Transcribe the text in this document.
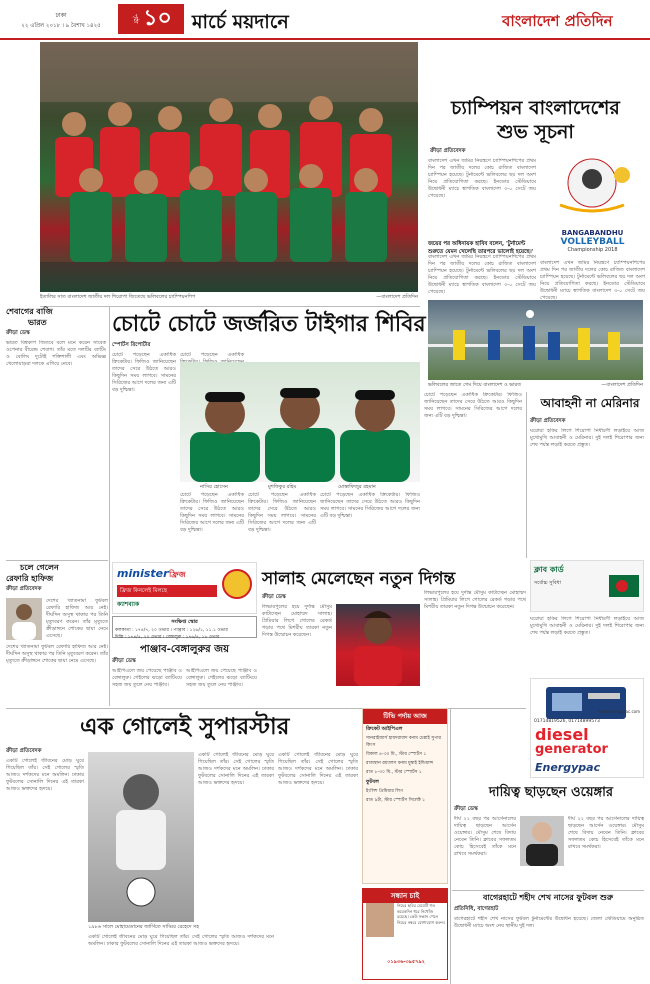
ঢাকা
২২ এপ্রিল ২০১৮ । ৯ বৈশাখ ১৪২৫
পৃষ্ঠা ১০ মার্চে ময়দানে	বাংলাদেশ প্রতিদিন
ইতালির সাত বাংলাদেশ জাতীয় দল শিরোপা জিতেছে ভলিবলের চ্যাম্পিয়নশিপ	—বাংলাদেশ প্রতিদিন
চ্যাম্পিয়ন বাংলাদেশের
শুভ সূচনা
ক্রীড়া প্রতিবেদক
বাংলাদেশ এখন জমির নিয়ন্ত্রণে চ্যাম্পিয়নশিপের প্রথম দিন পর জাতীয় দলের কোচ রাজিত বাংলাদেশ চ্যাম্পিয়ন হয়েছে। টুর্নামেন্টে ভলিবলের ছয় দল অংশ নিয়ে প্রতিযোগিতা করছে। ইনডোর স্টেডিয়ামে উদ্বোধনী ম্যাচে স্বাগতিক বাংলাদেশ ৩-০ সেটে জয় পেয়েছে।
বাংলাদেশ এখন জমির নিয়ন্ত্রণে চ্যাম্পিয়নশিপের প্রথম দিন পর জাতীয় দলের কোচ রাজিত বাংলাদেশ চ্যাম্পিয়ন হয়েছে। টুর্নামেন্টে ভলিবলের ছয় দল অংশ নিয়ে প্রতিযোগিতা করছে। ইনডোর স্টেডিয়ামে উদ্বোধনী ম্যাচে স্বাগতিক বাংলাদেশ ৩-০ সেটে জয় পেয়েছে।
জয়ের পর অধিনায়ক হাবিব বলেন, 'টুর্নামেন্ট শুরুতে যেমন খেলেছি তারপরে ভালোই হয়েছে।'
BANGABANDHU
VOLLEYBALL
Championship 2018
বাংলাদেশ এখন জমির নিয়ন্ত্রণে চ্যাম্পিয়নশিপের প্রথম দিন পর জাতীয় দলের কোচ রাজিত বাংলাদেশ চ্যাম্পিয়ন হয়েছে। টুর্নামেন্টে ভলিবলের ছয় দল অংশ নিয়ে প্রতিযোগিতা করছে। ইনডোর স্টেডিয়ামে উদ্বোধনী ম্যাচে স্বাগতিক বাংলাদেশ ৩-০ সেটে জয় পেয়েছে।
ভলিবলের জাতে গেম দিয়ে বাংলাদেশ ও ভারত	—বাংলাদেশ প্রতিদিন
শেবাগের বাজি
ভারত
ক্রীড়া ডেস্ক
ভারত বিশ্বকাপ জিতবে বলে মনে করেন সাবেক ওপেনার বীরেন্দ্র শেবাগ। তাঁর মতে দলটির ব্যাটিং ও বোলিং দুটোই শক্তিশালী এবং অভিজ্ঞ খেলোয়াড়রা দলকে এগিয়ে নেবে।
চলে গেলেন
রেফারি হাফিজ
ক্রীড়া প্রতিবেদক
দেশের খ্যাতনামা ফুটবল রেফারি হাফিজ আর নেই। দীর্ঘদিন অসুস্থ থাকার পর তিনি মৃত্যুবরণ করেন। তাঁর মৃত্যুতে ক্রীড়াঙ্গনে শোকের ছায়া নেমে এসেছে।
দেশের খ্যাতনামা ফুটবল রেফারি হাফিজ আর নেই। দীর্ঘদিন অসুস্থ থাকার পর তিনি মৃত্যুবরণ করেন। তাঁর মৃত্যুতে ক্রীড়াঙ্গনে শোকের ছায়া নেমে এসেছে।
চোটে চোটে জর্জরিত টাইগার শিবির
স্পোর্টস রিপোর্টার
চোটে পড়েছেন একাধিক ক্রিকেটার। ফিজিও জানিয়েছেন তাদের সেরে উঠতে আরও কিছুদিন সময় লাগবে। সামনের সিরিজের আগে দলের জন্য এটি বড় দুশ্চিন্তা।
চোটে পড়েছেন একাধিক
নাসির হোসেন	মুশফিকুর রহিম	মোস্তাফিজুর রহমান
চোটে পড়েছেন একাধিক ক্রিকেটার। ফিজিও জানিয়েছেন তাদের সেরে উঠতে আরও কিছুদিন সময় লাগবে। সামনের সিরিজের আগে দলের জন্য এটি বড় দুশ্চিন্তা।
চোটে পড়েছেন একাধিক ক্রিকেটার। ফিজিও জানিয়েছেন তাদের সেরে উঠতে আরও কিছুদিন সময় লাগবে। সামনের সিরিজের আগে দলের জন্য এটি বড় দুশ্চিন্তা।
চোটে পড়েছেন একাধিক ক্রিকেটার। ফিজিও জানিয়েছেন তাদের সেরে উঠতে আরও কিছুদিন সময় লাগবে। সামনের সিরিজের আগে দলের জন্য এটি বড় দুশ্চিন্তা।
চোটে পড়েছেন একাধিক ক্রিকেটার। ফিজিও জানিয়েছেন তাদের সেরে উঠতে আরও কিছুদিন সময় লাগবে। সামনের সিরিজের আগে দলের জন্য এটি বড় দুশ্চিন্তা।
আবাহনী না মেরিনার
ক্রীড়া প্রতিবেদক
ঘরোয়া হকির লিগে শিরোপা নির্ধারণী লড়াইয়ে আজ মুখোমুখি আবাহনী ও মেরিনার। দুই দলই শিরোপার জন্য শেষ পর্যন্ত লড়াই করতে প্রস্তুত।
ক্লাব কার্ড
সর্বোচ্চ সুবিধা
ঘরোয়া হকির লিগে শিরোপা নির্ধারণী লড়াইয়ে আজ মুখোমুখি আবাহনী ও মেরিনার। দুই দলই শিরোপার জন্য শেষ পর্যন্ত লড়াই করতে প্রস্তুত।
minister ফ্রিজ
ফ্রিজ কিনলেই মিলছে
ক্যাশব্যাক
সংক্ষিপ্ত স্কোর
কলকাতা : ১৭৪/৭, ২০ ওভার । পাঞ্জাব : ১২৬/১, ১১.১ ওভার
দিল্লি : ১৭৪/৫, ২০ ওভার । বেঙ্গালুরু : ১৭৬/৪, ১৮ ওভার
পাঞ্জাব-বেঙ্গালুরুর জয়
ক্রীড়া ডেস্ক
আইপিএলে জয় পেয়েছে পাঞ্জাব ও বেঙ্গালুরু। গেইলের ঝড়ো ব্যাটিংয়ে সহজ জয় তুলে নেয় পাঞ্জাব।
আইপিএলে জয় পেয়েছে পাঞ্জাব ও বেঙ্গালুরু। গেইলের ঝড়ো ব্যাটিংয়ে সহজ জয় তুলে নেয় পাঞ্জাব।
সালাহ মেলেছেন নতুন দিগন্ত
ক্রীড়া ডেস্ক
লিভারপুলের হয়ে দুর্দান্ত মৌসুম কাটাচ্ছেন মোহাম্মদ সালাহ। প্রিমিয়ার লিগে গোলের রেকর্ড গড়ার পথে মিশরীয় তারকা নতুন দিগন্ত উন্মোচন করেছেন।
লিভারপুলের হয়ে দুর্দান্ত মৌসুম কাটাচ্ছেন মোহাম্মদ সালাহ। প্রিমিয়ার লিগে গোলের রেকর্ড গড়ার পথে মিশরীয় তারকা নতুন দিগন্ত উন্মোচন করেছেন।
01714819526, 01714899573
www.energypac.com
diesel
generator
Energypac
এক গোলেই সুপারস্টার
ক্রীড়া প্রতিবেদক
একটি গোলেই জীবনের মোড় ঘুরে গিয়েছিল তাঁর। সেই গোলের স্মৃতি আজও দর্শকদের মনে অমলিন। ঢাকার ফুটবলের সোনালি দিনের এই তারকা আজও ভক্তদের হৃদয়ে।
১৯৮৬ সালে মোহামেডানের জার্সিতে সাব্বির রেহেদে সহ
একটি গোলেই জীবনের মোড় ঘুরে গিয়েছিল তাঁর। সেই গোলের স্মৃতি আজও দর্শকদের মনে অমলিন। ঢাকার ফুটবলের সোনালি দিনের এই তারকা আজও ভক্তদের হৃদয়ে।
একটি গোলেই জীবনের মোড় ঘুরে গিয়েছিল তাঁর। সেই গোলের স্মৃতি আজও দর্শকদের মনে অমলিন। ঢাকার ফুটবলের সোনালি দিনের এই তারকা আজও ভক্তদের হৃদয়ে।
একটি গোলেই জীবনের মোড় ঘুরে গিয়েছিল তাঁর। সেই গোলের স্মৃতি আজও দর্শকদের মনে অমলিন। ঢাকার ফুটবলের সোনালি দিনের এই তারকা আজও ভক্তদের হৃদয়ে।
টিভি পর্দায় আজ
ক্রিকেট আইপিএল
সানরাইজার্স হায়দরাবাদ বনাম চেন্নাই সুপার কিংস
বিকাল ৪-৩০ মি., স্টার স্পোর্টস ১
রাজস্থান রয়্যালস বনাম মুম্বাই ইন্ডিয়ান্স
রাত ৮-৩০ মি., স্টার স্পোর্টস ১
ফুটবল
ইংলিশ প্রিমিয়ার লিগ
রাত ৯টা, স্টার স্পোর্টস সিলেক্ট ১
সন্ধান চাই
নিচের ছবির মেয়েটি গত কয়েকদিন ধরে নিখোঁজ রয়েছে। কেউ সন্ধান পেলে নিচের নম্বরে যোগাযোগ করুন।
০১৯৩৬-৩৯৫৭৯২
দায়িত্ব ছাড়ছেন ওয়েঙ্গার
ক্রীড়া ডেস্ক
দীর্ঘ ২২ বছর পর আর্সেনালের দায়িত্ব ছাড়ছেন আর্সেন ওয়েঙ্গার। মৌসুম শেষে বিদায় নেবেন তিনি। ক্লাবের সফলতম কোচ হিসেবেই তাঁকে মনে রাখবে সমর্থকরা।
দীর্ঘ ২২ বছর পর আর্সেনালের দায়িত্ব ছাড়ছেন আর্সেন ওয়েঙ্গার। মৌসুম শেষে বিদায় নেবেন তিনি। ক্লাবের সফলতম কোচ হিসেবেই তাঁকে মনে রাখবে সমর্থকরা।
বাগেরহাটে শহীদ শেখ নাসের ফুটবল শুরু
প্রতিনিধি, বাগেরহাট
বাগেরহাটে শহীদ শেখ নাসের ফুটবল টুর্নামেন্টের উদ্বোধন হয়েছে। জেলা স্টেডিয়ামে অনুষ্ঠিত উদ্বোধনী ম্যাচে অংশ নেয় স্থানীয় দুই দল।
